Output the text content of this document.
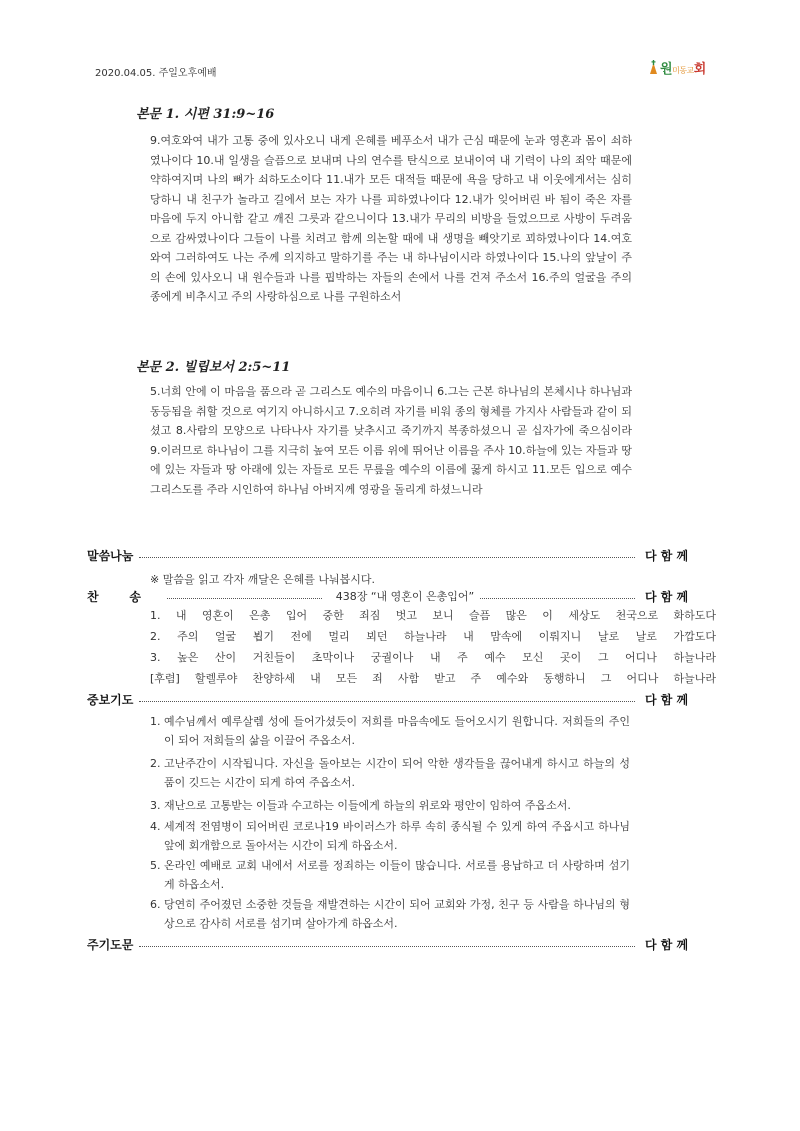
2020.04.05. 주일오후예배	원미동교회
본문 1. 시편 31:9~16
9.여호와여 내가 고통 중에 있사오니 내게 은혜를 베푸소서 내가 근심 때문에 눈과 영혼과 몸이 쇠하였나이다 10.내 일생을 슬픔으로 보내며 나의 연수를 탄식으로 보내이여 내 기력이 나의 죄악 때문에 약하여지며 나의 뼈가 쇠하도소이다 11.내가 모든 대적들 때문에 욕을 당하고 내 이웃에게서는 심히 당하니 내 친구가 놀라고 길에서 보는 자가 나를 피하였나이다 12.내가 잊어버린 바 됨이 죽은 자를 마음에 두지 아니함 같고 깨진 그릇과 같으니이다 13.내가 무리의 비방을 들었으므로 사방이 두려움으로 감싸였나이다 그들이 나를 치려고 함께 의논할 때에 내 생명을 빼앗기로 꾀하였나이다 14.여호와여 그러하여도 나는 주께 의지하고 말하기를 주는 내 하나님이시라 하였나이다 15.나의 앞날이 주의 손에 있사오니 내 원수들과 나를 핍박하는 자들의 손에서 나를 건져 주소서 16.주의 얼굴을 주의 종에게 비추시고 주의 사랑하심으로 나를 구원하소서
본문 2. 빌립보서 2:5~11
5.너희 안에 이 마음을 품으라 곧 그리스도 예수의 마음이니 6.그는 근본 하나님의 본체시나 하나님과 동등됨을 취할 것으로 여기지 아니하시고 7.오히려 자기를 비워 종의 형체를 가지사 사람들과 같이 되셨고 8.사람의 모양으로 나타나사 자기를 낮추시고 죽기까지 복종하셨으니 곧 십자가에 죽으심이라 9.이러므로 하나님이 그를 지극히 높여 모든 이름 위에 뛰어난 이름을 주사 10.하늘에 있는 자들과 땅에 있는 자들과 땅 아래에 있는 자들로 모든 무릎을 예수의 이름에 꿇게 하시고 11.모든 입으로 예수 그리스도를 주라 시인하여 하나님 아버지께 영광을 돌리게 하셨느니라
말씀나눔	다 함 께
※ 말씀을 읽고 각자 깨달은 은혜를 나눠봅시다.
찬	송	438장 “내 영혼이 은총입어”	다 함 께
1. 내 영혼이 은총 입어 중한 죄짐 벗고 보니 슬픔 많은 이 세상도 천국으로 화하도다
2. 주의 얼굴 뵙기 전에 멀리 뵈던 하늘나라 내 맘속에 이뤄지니 날로 날로 가깝도다
3. 높은 산이 거친들이 초막이나 궁궐이나 내 주 예수 모신 곳이 그 어디나 하늘나라
[후렴] 할렐루야 찬양하세 내 모든 죄 사함 받고 주 예수와 동행하니 그 어디나 하늘나라
중보기도	다 함 께
1. 예수님께서 예루살렘 성에 들어가셨듯이 저희를 마음속에도 들어오시기 원합니다. 저희들의 주인이 되어 저희들의 삶을 이끌어 주옵소서.
2. 고난주간이 시작됩니다. 자신을 돌아보는 시간이 되어 악한 생각들을 끊어내게 하시고 하늘의 성품이 깃드는 시간이 되게 하여 주옵소서.
3. 재난으로 고통받는 이들과 수고하는 이들에게 하늘의 위로와 평안이 임하여 주옵소서.
4. 세계적 전염병이 되어버린 코로나19 바이러스가 하루 속히 종식될 수 있게 하여 주옵시고 하나님 앞에 회개함으로 돌아서는 시간이 되게 하옵소서.
5. 온라인 예배로 교회 내에서 서로를 정죄하는 이들이 많습니다. 서로를 용납하고 더 사랑하며 섬기게 하옵소서.
6. 당연히 주어졌던 소중한 것들을 재발견하는 시간이 되어 교회와 가정, 친구 등 사람을 하나님의 형상으로 감사히 서로를 섬기며 살아가게 하옵소서.
주기도문	다 함 께
